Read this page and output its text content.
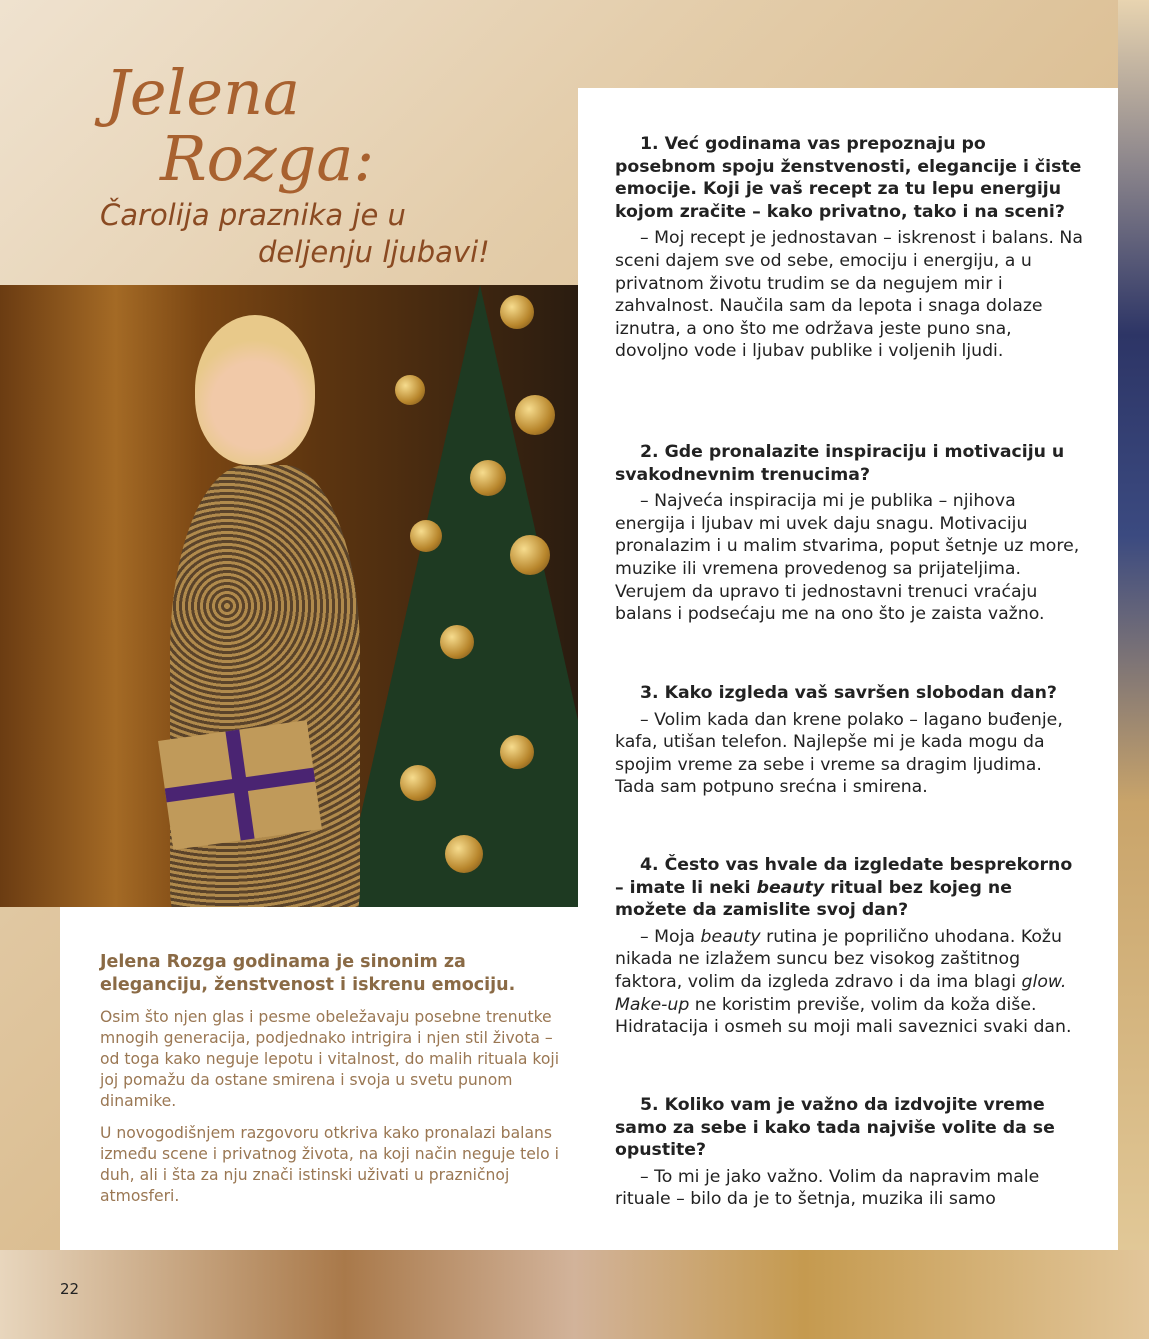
Jelena
Rozga:
Čarolija praznika je u
deljenju ljubavi!
Jelena Rozga godinama je sinonim za eleganciju, ženstvenost i iskrenu emociju.
Osim što njen glas i pesme obeležavaju posebne trenutke mnogih generacija, podjednako intrigira i njen stil života – od toga kako neguje lepotu i vitalnost, do malih rituala koji joj pomažu da ostane smirena i svoja u svetu punom dinamike.
U novogodišnjem razgovoru otkriva kako pronalazi balans između scene i privatnog života, na koji način neguje telo i duh, ali i šta za nju znači istinski uživati u prazničnoj atmosferi.
1. Već godinama vas prepoznaju po posebnom spoju ženstvenosti, elegancije i čiste emocije. Koji je vaš recept za tu lepu energiju kojom zračite – kako privatno, tako i na sceni?
– Moj recept je jednostavan – iskrenost i balans. Na sceni dajem sve od sebe, emociju i energiju, a u privatnom životu trudim se da negujem mir i zahvalnost. Naučila sam da lepota i snaga dolaze iznutra, a ono što me održava jeste puno sna, dovoljno vode i ljubav publike i voljenih ljudi.
2. Gde pronalazite inspiraciju i motivaciju u svakodnevnim trenucima?
– Najveća inspiracija mi je publika – njihova energija i ljubav mi uvek daju snagu. Motivaciju pronalazim i u malim stvarima, poput šetnje uz more, muzike ili vremena provedenog sa prijateljima. Verujem da upravo ti jednostavni trenuci vraćaju balans i podsećaju me na ono što je zaista važno.
3. Kako izgleda vaš savršen slobodan dan?
– Volim kada dan krene polako – lagano buđenje, kafa, utišan telefon. Najlepše mi je kada mogu da spojim vreme za sebe i vreme sa dragim ljudima. Tada sam potpuno srećna i smirena.
4. Često vas hvale da izgledate besprekorno – imate li neki beauty ritual bez kojeg ne možete da zamislite svoj dan?
– Moja beauty rutina je poprilično uhodana. Kožu nikada ne izlažem suncu bez visokog zaštitnog faktora, volim da izgleda zdravo i da ima blagi glow. Make-up ne koristim previše, volim da koža diše. Hidratacija i osmeh su moji mali saveznici svaki dan.
5. Koliko vam je važno da izdvojite vreme samo za sebe i kako tada najviše volite da se opustite?
– To mi je jako važno. Volim da napravim male rituale – bilo da je to šetnja, muzika ili samo
22
